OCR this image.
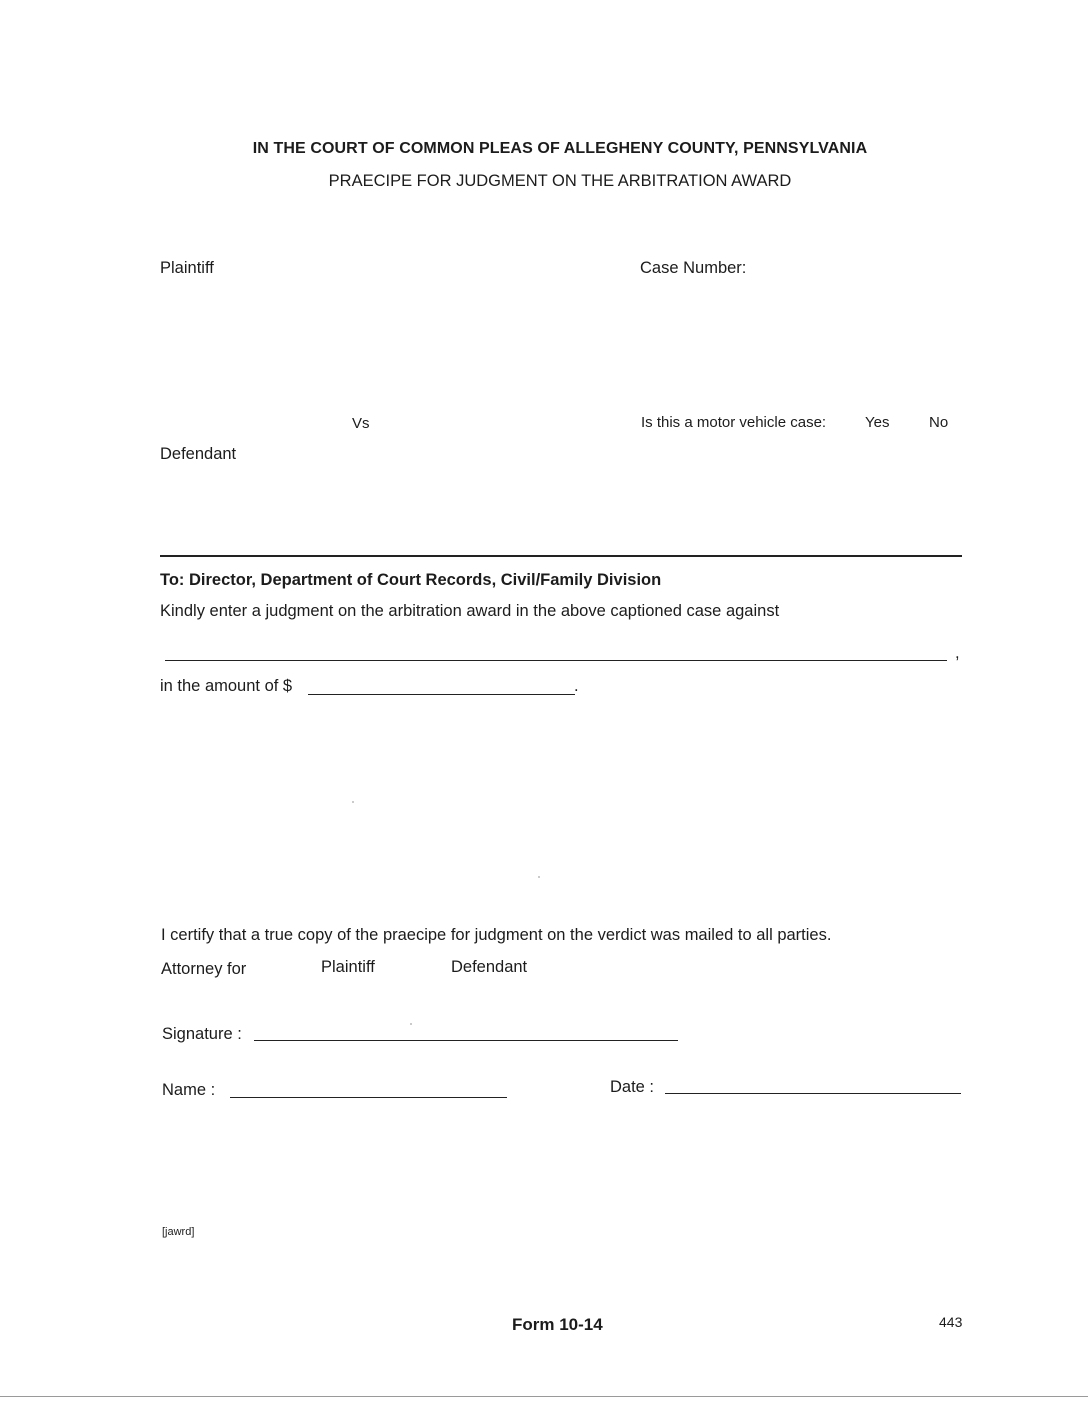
IN THE COURT OF COMMON PLEAS OF ALLEGHENY COUNTY, PENNSYLVANIA
PRAECIPE FOR JUDGMENT ON THE ARBITRATION AWARD
Plaintiff	Case Number:
Vs	Is this a motor vehicle case:	Yes	No
Defendant
To: Director, Department of Court Records, Civil/Family Division
Kindly enter a judgment on the arbitration award in the above captioned case against
,
in the amount of $	.
I certify that a true copy of the praecipe for judgment on the verdict was mailed to all parties.
Attorney for	Plaintiff	Defendant
Signature :
Name :	Date :
[jawrd]
Form 10-14	443
